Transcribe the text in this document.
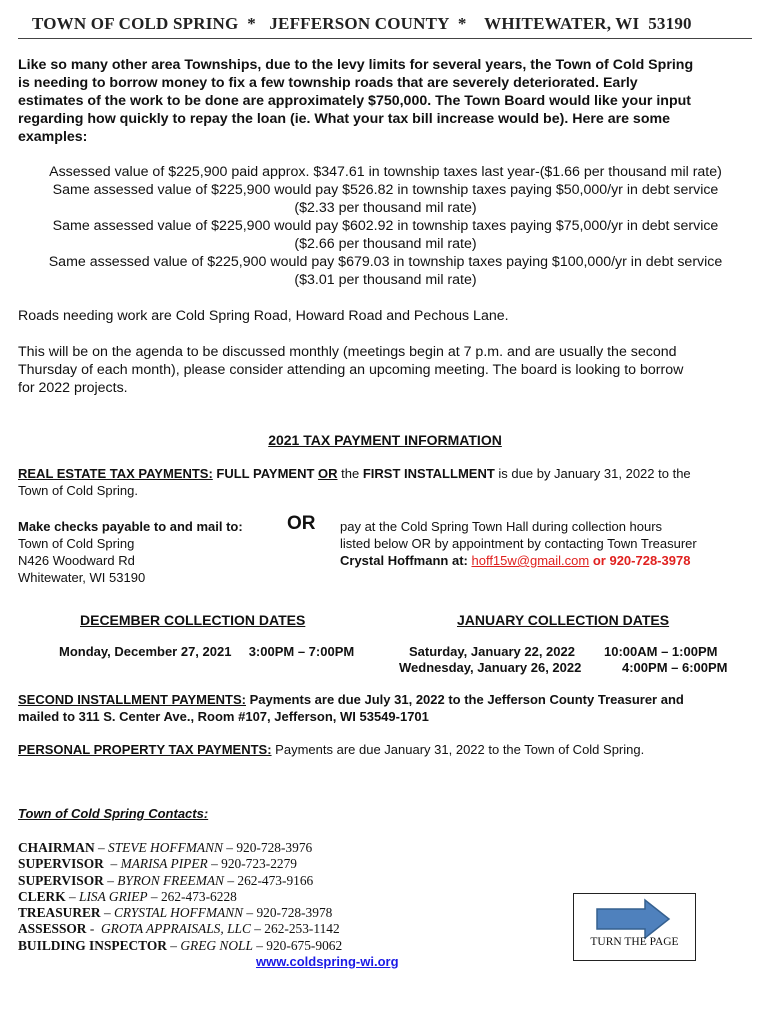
TOWN OF COLD SPRING  *   JEFFERSON COUNTY  *    WHITEWATER, WI  53190
Like so many other area Townships, due to the levy limits for several years, the Town of Cold Spring
is needing to borrow money to fix a few township roads that are severely deteriorated. Early
estimates of the work to be done are approximately $750,000. The Town Board would like your input
regarding how quickly to repay the loan (ie. What your tax bill increase would be). Here are some
examples:
Assessed value of $225,900 paid approx. $347.61 in township taxes last year-($1.66 per thousand mil rate)
Same assessed value of $225,900 would pay $526.82 in township taxes paying $50,000/yr in debt service
($2.33 per thousand mil rate)
Same assessed value of $225,900 would pay $602.92 in township taxes paying $75,000/yr in debt service
($2.66 per thousand mil rate)
Same assessed value of $225,900 would pay $679.03 in township taxes paying $100,000/yr in debt service
($3.01 per thousand mil rate)
Roads needing work are Cold Spring Road, Howard Road and Pechous Lane.
This will be on the agenda to be discussed monthly (meetings begin at 7 p.m. and are usually the second
Thursday of each month), please consider attending an upcoming meeting. The board is looking to borrow
for 2022 projects.
2021 TAX PAYMENT INFORMATION
REAL ESTATE TAX PAYMENTS: FULL PAYMENT OR the FIRST INSTALLMENT is due by January 31, 2022 to the
Town of Cold Spring.
Make checks payable to and mail to:
Town of Cold Spring
N426 Woodward Rd
Whitewater, WI 53190
OR pay at the Cold Spring Town Hall during collection hours
listed below OR by appointment by contacting Town Treasurer
Crystal Hoffmann at: hoff15w@gmail.com or 920-728-3978
DECEMBER COLLECTION DATES
Monday, December 27, 2021 3:00PM – 7:00PM
JANUARY COLLECTION DATES
Saturday, January 22, 2022 10:00AM – 1:00PM
Wednesday, January 26, 2022	4:00PM – 6:00PM
SECOND INSTALLMENT PAYMENTS: Payments are due July 31, 2022 to the Jefferson County Treasurer and
mailed to 311 S. Center Ave., Room #107, Jefferson, WI 53549-1701
PERSONAL PROPERTY TAX PAYMENTS: Payments are due January 31, 2022 to the Town of Cold Spring.
Town of Cold Spring Contacts:
CHAIRMAN – STEVE HOFFMANN – 920-728-3976
SUPERVISOR  – MARISA PIPER – 920-723-2279
SUPERVISOR – BYRON FREEMAN – 262-473-9166
CLERK – LISA GRIEP – 262-473-6228
TREASURER – CRYSTAL HOFFMANN – 920-728-3978
ASSESSOR -  GROTA APPRAISALS, LLC – 262-253-1142
BUILDING INSPECTOR – GREG NOLL – 920-675-9062
www.coldspring-wi.org
TURN THE PAGE
